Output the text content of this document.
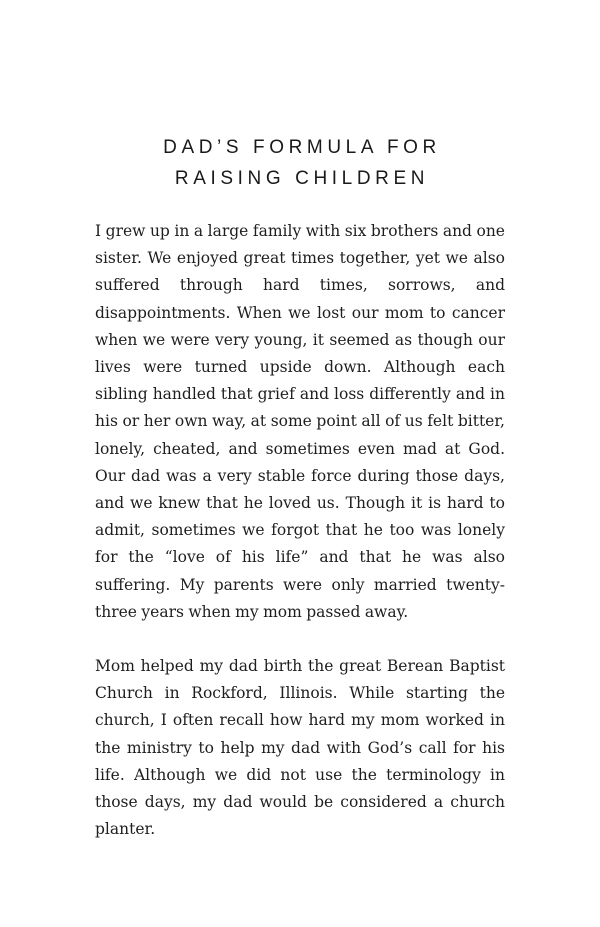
DAD’S FORMULA FOR
RAISING CHILDREN

I grew up in a large family with six brothers and one sister. We enjoyed great times together, yet we also suffered through hard times, sorrows, and disappointments. When we lost our mom to cancer when we were very young, it seemed as though our lives were turned upside down. Although each sibling handled that grief and loss differently and in his or her own way, at some point all of us felt bitter, lonely, cheated, and sometimes even mad at God. Our dad was a very stable force during those days, and we knew that he loved us. Though it is hard to admit, sometimes we forgot that he too was lonely for the “love of his life” and that he was also suffering. My parents were only married twenty-three years when my mom passed away.

Mom helped my dad birth the great Berean Baptist Church in Rockford, Illinois. While starting the church, I often recall how hard my mom worked in the ministry to help my dad with God’s call for his life. Although we did not use the terminology in those days, my dad would be considered a church planter.
